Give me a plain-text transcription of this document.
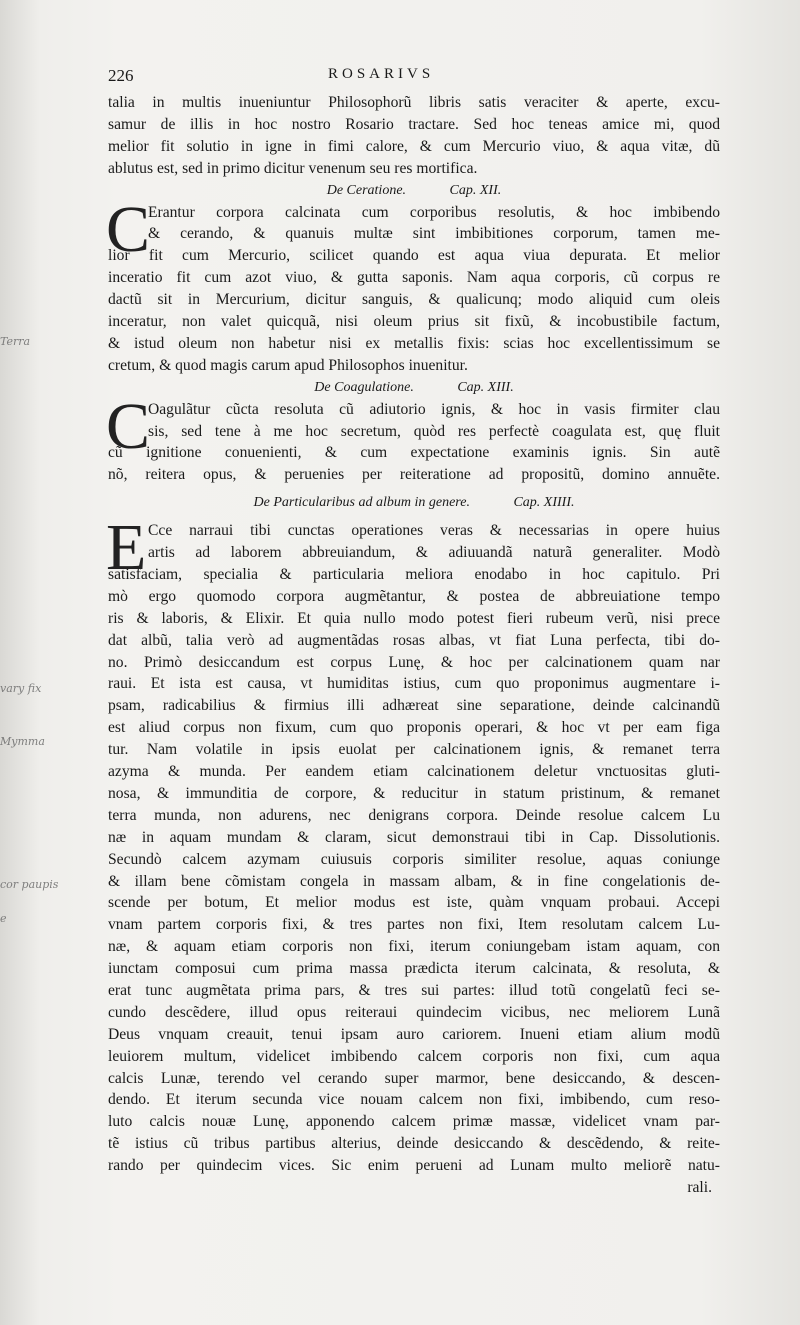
Terra
vary fix
Mymma
cor paupis
e
226	ROSARIVS
talia in multis inueniuntur Philosophorũ libris satis veraciter & aperte, excu-
samur de illis in hoc nostro Rosario tractare. Sed hoc teneas amice mi, quod
melior fit solutio in igne in fimi calore, & cum Mercurio viuo, & aqua vitæ, dũ
ablutus est, sed in primo dicitur venenum seu res mortifica.
De Ceratione.	Cap. XII.
C
Erantur corpora calcinata cum corporibus resolutis, & hoc imbibendo
& cerando, & quanuis multæ sint imbibitiones corporum, tamen me-
lior fit cum Mercurio, scilicet quando est aqua viua depurata. Et melior
inceratio fit cum azot viuo, & gutta saponis. Nam aqua corporis, cũ corpus re
dactũ sit in Mercurium, dicitur sanguis, & qualicunq; modo aliquid cum oleis
inceratur, non valet quicquã, nisi oleum prius sit fixũ, & incobustibile factum,
& istud oleum non habetur nisi ex metallis fixis: scias hoc excellentissimum se
cretum, & quod magis carum apud Philosophos inuenitur.
De Coagulatione.	Cap. XIII.
C
Oagulãtur cũcta resoluta cũ adiutorio ignis, & hoc in vasis firmiter clau
sis, sed tene à me hoc secretum, quòd res perfectè coagulata est, quę fluit
cũ ignitione conuenienti, & cum expectatione examinis ignis. Sin autẽ
nõ, reitera opus, & peruenies per reiteratione ad propositũ, domino annuẽte.
De Particularibus ad album in genere.	Cap. XIIII.
E Cce narraui tibi cunctas operationes veras & necessarias in opere huius
artis ad laborem abbreuiandum, & adiuuandã naturã generaliter. Modò
satisfaciam, specialia & particularia meliora enodabo in hoc capitulo. Pri
mò ergo quomodo corpora augmẽtantur, & postea de abbreuiatione tempo
ris & laboris, & Elixir. Et quia nullo modo potest fieri rubeum verũ, nisi prece
dat albũ, talia verò ad augmentãdas rosas albas, vt fiat Luna perfecta, tibi do-
no. Primò desiccandum est corpus Lunę, & hoc per calcinationem quam nar
raui. Et ista est causa, vt humiditas istius, cum quo proponimus augmentare i-
psam, radicabilius & firmius illi adhæreat sine separatione, deinde calcinandũ
est aliud corpus non fixum, cum quo proponis operari, & hoc vt per eam figa
tur. Nam volatile in ipsis euolat per calcinationem ignis, & remanet terra
azyma & munda. Per eandem etiam calcinationem deletur vnctuositas gluti-
nosa, & immunditia de corpore, & reducitur in statum pristinum, & remanet
terra munda, non adurens, nec denigrans corpora. Deinde resolue calcem Lu
næ in aquam mundam & claram, sicut demonstraui tibi in Cap. Dissolutionis.
Secundò calcem azymam cuiusuis corporis similiter resolue, aquas coniunge
& illam bene cõmistam congela in massam albam, & in fine congelationis de-
scende per botum, Et melior modus est iste, quàm vnquam probaui. Accepi
vnam partem corporis fixi, & tres partes non fixi, Item resolutam calcem Lu-
næ, & aquam etiam corporis non fixi, iterum coniungebam istam aquam, con
iunctam composui cum prima massa prædicta iterum calcinata, & resoluta, &
erat tunc augmẽtata prima pars, & tres sui partes: illud totũ congelatũ feci se-
cundo descẽdere, illud opus reiteraui quindecim vicibus, nec meliorem Lunã
Deus vnquam creauit, tenui ipsam auro cariorem. Inueni etiam alium modũ
leuiorem multum, videlicet imbibendo calcem corporis non fixi, cum aqua
calcis Lunæ, terendo vel cerando super marmor, bene desiccando, & descen-
dendo. Et iterum secunda vice nouam calcem non fixi, imbibendo, cum reso-
luto calcis nouæ Lunę, apponendo calcem primæ massæ, videlicet vnam par-
tẽ istius cũ tribus partibus alterius, deinde desiccando & descẽdendo, & reite-
rando per quindecim vices. Sic enim perueni ad Lunam multo meliorẽ natu-
rali.
